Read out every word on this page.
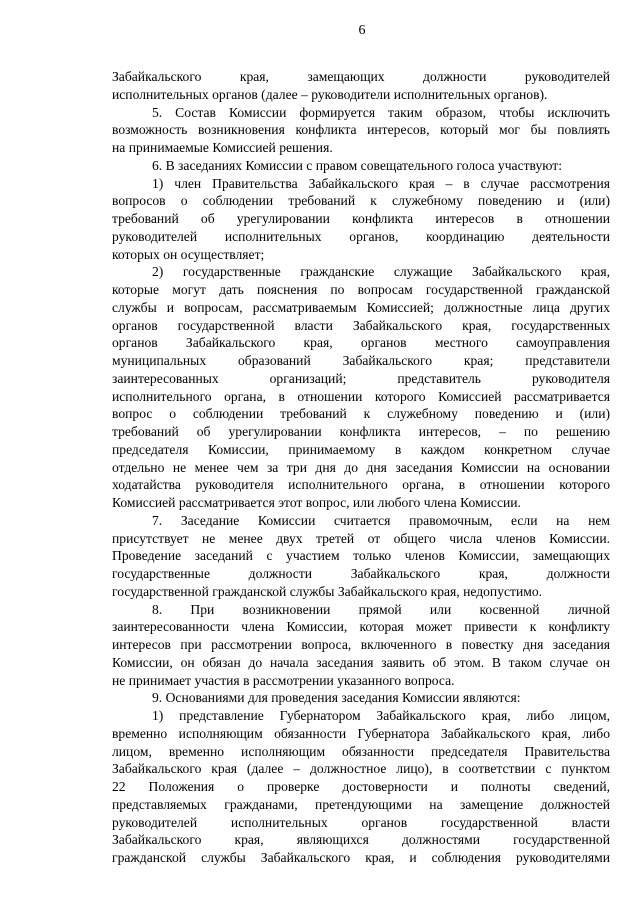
6
Забайкальского края, замещающих должности руководителей
исполнительных органов (далее – руководители исполнительных органов).
5. Состав Комиссии формируется таким образом, чтобы исключить
возможность возникновения конфликта интересов, который мог бы повлиять
на принимаемые Комиссией решения.
6. В заседаниях Комиссии с правом совещательного голоса участвуют:
1) член Правительства Забайкальского края – в случае рассмотрения
вопросов о соблюдении требований к служебному поведению и (или)
требований об урегулировании конфликта интересов в отношении
руководителей исполнительных органов, координацию деятельности
которых он осуществляет;
2) государственные гражданские служащие Забайкальского края,
которые могут дать пояснения по вопросам государственной гражданской
службы и вопросам, рассматриваемым Комиссией; должностные лица других
органов государственной власти Забайкальского края, государственных
органов Забайкальского края, органов местного самоуправления
муниципальных образований Забайкальского края; представители
заинтересованных организаций; представитель руководителя
исполнительного органа, в отношении которого Комиссией рассматривается
вопрос о соблюдении требований к служебному поведению и (или)
требований об урегулировании конфликта интересов, – по решению
председателя Комиссии, принимаемому в каждом конкретном случае
отдельно не менее чем за три дня до дня заседания Комиссии на основании
ходатайства руководителя исполнительного органа, в отношении которого
Комиссией рассматривается этот вопрос, или любого члена Комиссии.
7. Заседание Комиссии считается правомочным, если на нем
присутствует не менее двух третей от общего числа членов Комиссии.
Проведение заседаний с участием только членов Комиссии, замещающих
государственные должности Забайкальского края, должности
государственной гражданской службы Забайкальского края, недопустимо.
8. При возникновении прямой или косвенной личной
заинтересованности члена Комиссии, которая может привести к конфликту
интересов при рассмотрении вопроса, включенного в повестку дня заседания
Комиссии, он обязан до начала заседания заявить об этом. В таком случае он
не принимает участия в рассмотрении указанного вопроса.
9. Основаниями для проведения заседания Комиссии являются:
1) представление Губернатором Забайкальского края, либо лицом,
временно исполняющим обязанности Губернатора Забайкальского края, либо
лицом, временно исполняющим обязанности председателя Правительства
Забайкальского края (далее – должностное лицо), в соответствии с пунктом
22 Положения о проверке достоверности и полноты сведений,
представляемых гражданами, претендующими на замещение должностей
руководителей исполнительных органов государственной власти
Забайкальского края, являющихся должностями государственной
гражданской службы Забайкальского края, и соблюдения руководителями
